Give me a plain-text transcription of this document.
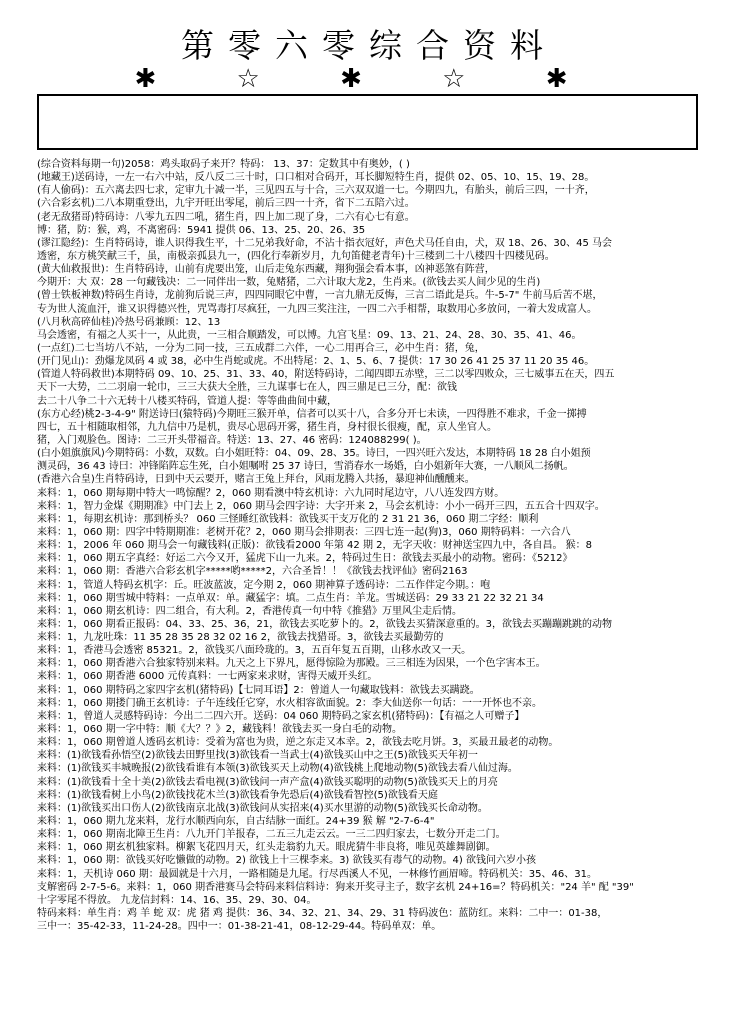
第零六零综合资料
✱ ☆ ✱ ☆ ✱
(综合资料每期一句)2058：鸡头取码子来开？特码： 13、37：定数其中有奥妙，( )
(地藏王)送码诗，一左一右六中站，反八反二三十时，口口相对合码开，耳长脚短特生肖，提供 02、05、10、15、19、28。
(有人偷码)：五六离去四七求，定审九十减一半，三见四五与十合，三六双双道一七。今期四九，有胎头，前后三四，一十齐，
(六合彩玄机)二八本期重登出，九宇开旺出零尾，前后三四一十齐，省下二五陪六过。
(老无敌猪哥)特码诗：八零九五四二吼，猪生肖，四上加二现了身，二六有心七有意。
博：猪，防：猴，鸡，不离密码：5941 提供 06、13、25、20、26、35
(谬江隐经)：生肖特码诗，谁人识得我生平，十二兄弟我好命，不沾十指衣冠好，声色犬马任自由，犬，双 18、26、30、45 马会
透密，东方桃笑献三千，虽，南极亲孤县九一，(四化行奉新岁月，九句笛健老青年)十三楼到二十八楼四十四楼见码。
(黄大仙救报世)：生肖特码诗，山前有虎要出笼，山后走兔东西藏，翔狗强会看本事，凶神恶煞有阵营，
今期开：大 双：28 一句藏钱决：二一同伴出一数，兔赌猪，二六计取大龙2，生肖来。(欲钱去买人间少见的生肖)
(曾士铁板神数)特码生肖诗，龙前狗后说三声，四四同眼它中曹，一言九鼎无反悔，三言二语此是兵。牛-5-7" 牛前马后苦不堪，
专为世人流血汗，谁又识得德兴性，咒骂毒打尽疯狂，一九四三奖注注，一四二六手相帮，取数用心多放问，一着大发成富人。
(八月秋高碎仙桂)冷热号码兼顾：12、13
马会透密，有福之人买十一，从此贵，一三相合顺踏发，可以博。九宫飞星：09、13、21、24、28、30、35、41、46。
(一点红)二七当坊八不站，一分为二同一技，三五成群二六伴，一心二用再合三，必中生肖：猪，兔，
(开门见山)：劲爆龙凤码 4 或 38，必中生肖蛇或虎。不出特尾：2、1、5、6、7 提供：17 30 26 41 25 37 11 20 35 46。
(管道人特码救世)本期特码 09、10、25、31、33、40，附送特码诗，二闻四即五赤壁，三二以零四败众，三七威事五在天，四五
天下一大势，二二羽扇一轮巾，三三大获大全胜，三九谋事七在人，四三鼎足已三分，配：欲钱
去二十八争二十六无转十八楼买特码，管道人提：等等曲曲间中藏，
(东方心经)桃2-3-4-9" 附送诗曰(猿特码)今期旺三猴开单，信者可以买十八，合多分开七未读，一四得胜不难求，千金一掷搏
四七，五十相随取相邻，九九信中乃是机，贵尽心思码开雾，猪生肖，身村很长很瘦，配，京人坐官人。
猪，入门观脸色。图诗：二三开头带福音。特送：13、27、46 密码：124088299( )。
(白小姐旗旗风)今期特码：小数，双数。白小姐旺特：04、09、28、35。诗曰，一四兴旺六发达，本期特码 18 28 白小姐预
测灵码，36 43 诗曰：冲锋陷阵忘生死，白小姐嘱咐 25 37 诗曰，雪消春水一场婚，白小姐新年大赛，一八顺风二扬帆。
(香港六合皇)生肖特码诗，日到中天云要开，赌言王兔上拜台，风雨龙腾入共扬，暴迎神仙醺醺来。
来料：1，060 期每期中特大一鸣惊醒？2，060 期看澳中特玄机诗：六九同时尾边守，八八连发四方财。
来料：1，智力金煤《期期准》中门去上 2，060 期马会四字诗：大字开来 2，马会玄机诗：小小一码开三四，五五合十四双字。
来料：1，每期玄机诗：那到桥头？ 060 三怪睡红欲钱料：欲钱买干支万化的 2 31 21 36，060 期二字经：顺利
来料：1，060 期：四字中特期期准：老树开花？2，060 期马会排期表：三四七连一起(狗)3，060 期特码料：一六合八
来料：1，2006 年 060 期马会一句藏钱料(正版)：欲钱看2000 年第 42 期 2，无字天收：财神送宝四九中，各自昌。 猴：8
来料：1，060 期五字真经：好运二六今又开，猛虎下山一九来。2，特码过生日：欲钱去买最小的动物。密码：《5212》
来料：1，060 期：香港六合彩玄机字*****哟*****2，六合圣旨！！《欲钱去找评仙》密码2163
来料：1，管道人特码玄机字：丘。旺波蓝波，定今期 2，060 期神算子透码诗：二五作伴定今期。：咆
来料：1，060 期雪城中特料：一点单双：单。藏猛字：填。二点生肖：羊龙。雪城送码：29 33 21 22 32 21 34
来料：1，060 期玄机诗：四二组合，有大利。2，香港传真一句中特《推猎》万里风尘走后情。
来料：1，060 期看正报码：04、33、25、36，21，欲钱去买吃萝卜的。2，欲钱去买猜深意重的。3，欲钱去买蹦蹦跳跳的动物
来料：1，九龙吐珠：11 35 28 35 28 32 02 16 2，欲钱去找猎哥。3，欲钱去买最勤劳的
来料：1，香港马会透密 85321。2，欲钱买八面玲珑的。3，五百年复五百期，山移水改又一天。
来料：1，060 期香港六合独家特别来料。九天之上下界凡，愿得惊险为那殿。三三相连为因果，一个色字害本王。
来料：1，060 期香港 6000 元传真料：一七两家来求财，害得天威开头红。
来料：1，060 期特码之家四字玄机(猪特码)【七同耳语】2：曾道人一句藏取钱料：欲钱去买蹒跷。
来料：1，060 期搂门确王玄机诗：子午连线任它穿，水火相容欲面貌。2：李大仙送你一句话：一一开怀也不亲。
来料：1，曾道人灵感特码诗：今出二二四六开。送码：04 060 期特码之家玄机(猪特码)：【有福之人可赠子】
来料：1，060 期一字中特：顺《大？？》2，藏钱料！欲钱去买一身白毛的动物。
来料：1，060 期曾道人透码玄机诗：受着为富也为贵，逆之东走又本幸。2，欲钱去吃月饼。3，买最丑最老的动物。
来料：(1)欲钱看孙悟空(2)欲钱去田野里找(3)欲钱看一当武士(4)欲钱买山中之王(5)欲钱买天年初一
来料：(1)欲钱买丰城晚报(2)欲钱看谁有本领(3)欲钱买天上动物(4)欲钱桃上爬地动物(5)欲钱去看八仙过海。
来料：(1)欲钱看十全十美(2)欲钱去看电视(3)欲钱问一声产盒(4)欲钱买聪明的动物(5)欲钱买天上的月亮
来料：(1)欲钱看树上小鸟(2)欲钱找花木兰(3)欲钱看争先恐后(4)欲钱看智控(5)欲钱看天庭
来料：(1)欲钱买出口伤人(2)欲钱南京北战(3)欲钱问从实招来(4)买水里游的动物(5)欲钱买长命动物。
来料：1，060 期九龙来料，龙行水顺西向东，自古结脉一面红。24+39 猴 解 "2-7-6-4"
来料：1，060 期南北障王生肖：八九开门羊报春，二五三九走云云。一三二四归家去，七数分开走二门。
来料：1，060 期玄机独家料。柳絮飞花四月天，红头走翁豹九天。眼虎猜牛非良将，唯见英雄舞剧御。
来料：1，060 期：欲钱买好吃懒做的动物。2) 欲钱上十三棵李来。3) 欲钱买有毒气的动物。4) 欲钱问六岁小孩
来料：1，天机诗 060 期：最圆就是十六月，一路相随是九尾。行尽西溪人不见，一林修竹画眉啼。特码机关：35、46、31。
支解密码 2-7-5-6。来料：1，060 期香港赛马会特码来料信料诗：狗来开奖寻主子，数字玄机 24+16=？特码机关："24 羊" 配 "39"
十字零尾不得放。 九龙信封料：14、16、35、29、30、04。
特码来料：单生肖：鸡 羊 蛇 双：虎 猪 鸡 提供：36、34、32、21、34、29、31 特码波色：蓝防红。来料：二中一：01-38，
三中一：35-42-33，11-24-28。四中一：01-38-21-41，08-12-29-44。特码单双：单。
